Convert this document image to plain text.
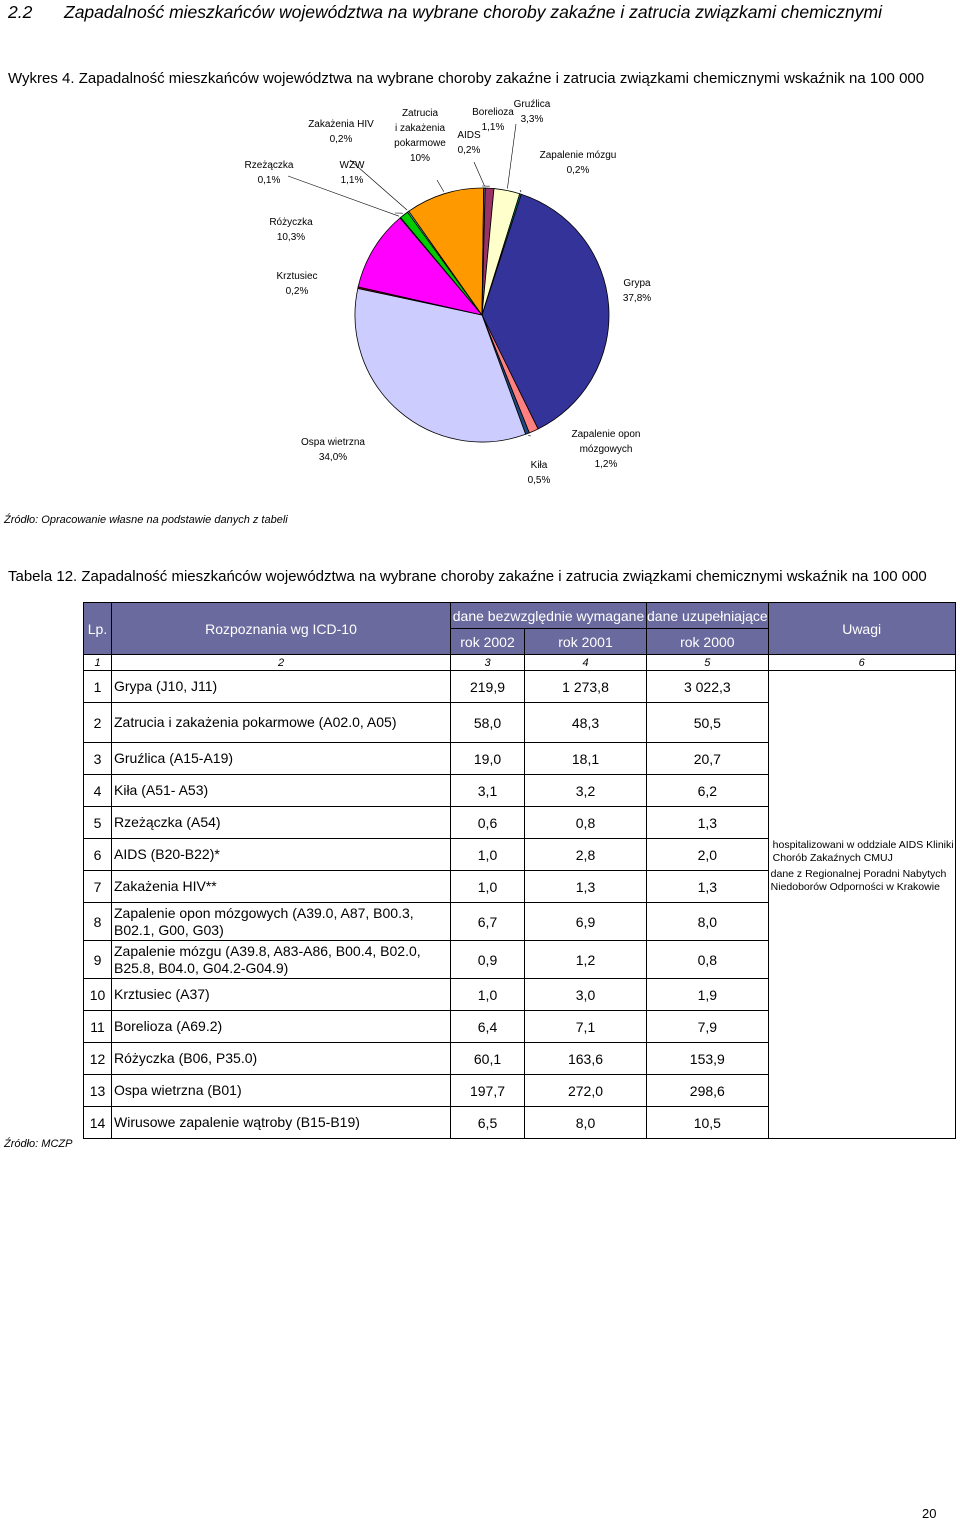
2.2 Zapadalność mieszkańców województwa na wybrane choroby zakaźne i zatrucia związkami chemicznymi
Wykres 4. Zapadalność mieszkańców województwa na wybrane choroby zakaźne i zatrucia związkami chemicznymi wskaźnik na 100 000
Grypa 37,8%
Zapalenie opon mózgowych 1,2%
Kiła 0,5%
Ospa wietrzna 34,0%
Krztusiec 0,2%
Różyczka 10,3%
Rzeżączka 0,1%
WZW 1,1%
Zakażenia HIV 0,2%
Zatrucia i zakażenia pokarmowe 10%
AIDS 0,2%
Borelioza 1,1%
Gruźlica 3,3%
Zapalenie mózgu 0,2%
Źródło: Opracowanie własne na podstawie danych z tabeli
Tabela 12. Zapadalność mieszkańców województwa na wybrane choroby zakaźne i zatrucia związkami chemicznymi wskaźnik na 100 000
Lp.	Rozpoznania wg ICD-10	dane bezwzględnie wymagane		dane uzupełniające	Uwagi
		rok 2002	rok 2001	rok 2000	
1	2	3	4	5	6
1	Grypa (J10, J11)	219,9	1 273,8	3 022,3	hospitalizowani w oddziale AIDS Kliniki Chorób Zakaźnych CMUJ
dane z Regionalnej Poradni Nabytych Niedoborów Odporności w Krakowie

2	Zatrucia i zakażenia pokarmowe (A02.0, A05)	58,0	48,3	50,5	
3	Gruźlica (A15-A19)	19,0	18,1	20,7	
4	Kiła (A51- A53)	3,1	3,2	6,2	
5	Rzeżączka (A54)	0,6	0,8	1,3	
6	AIDS (B20-B22)*	1,0	2,8	2,0	
7	Zakażenia HIV**	1,0	1,3	1,3	
8	Zapalenie opon mózgowych (A39.0, A87, B00.3, B02.1, G00, G03)	6,7	6,9	8,0	
9	Zapalenie mózgu (A39.8, A83-A86, B00.4, B02.0, B25.8, B04.0, G04.2-G04.9)	0,9	1,2	0,8	
10	Krztusiec (A37)	1,0	3,0	1,9	
11	Borelioza (A69.2)	6,4	7,1	7,9	
12	Różyczka (B06, P35.0)	60,1	163,6	153,9	
13	Ospa wietrzna (B01)	197,7	272,0	298,6	
14	Wirusowe zapalenie wątroby (B15-B19)	6,5	8,0	10,5	
Źródło: MCZP
20
